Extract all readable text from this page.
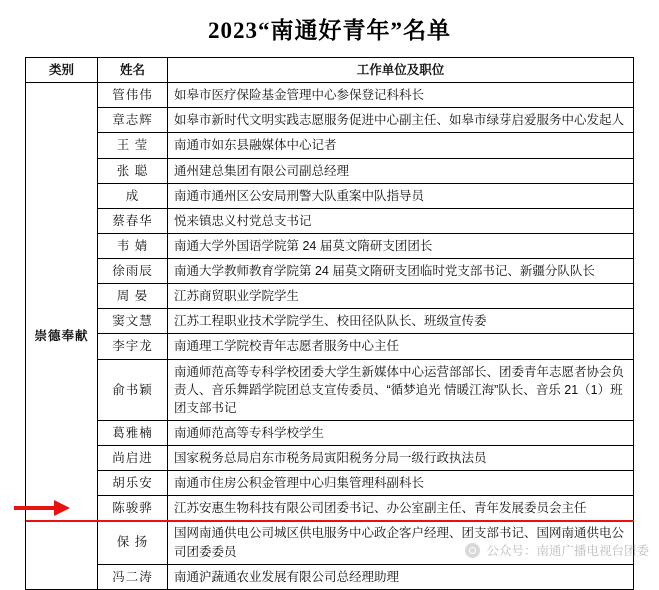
2023“南通好青年”名单
类别	姓名	工作单位及职位
崇德奉献	管伟伟	如皋市医疗保险基金管理中心参保登记科科长
	章志辉	如皋市新时代文明实践志愿服务促进中心副主任、如皋市绿芽启爱服务中心发起人
	王 莹	南通市如东县融媒体中心记者
	张 聪	通州建总集团有限公司副总经理
	成	南通市通州区公安局刑警大队重案中队指导员
	蔡春华	悦来镇忠义村党总支书记
	韦 婧	南通大学外国语学院第 24 届莫文隋研支团团长
	徐雨辰	南通大学教师教育学院第 24 届莫文隋研支团临时党支部书记、新疆分队队长
	周 晏	江苏商贸职业学院学生
	窦文慧	江苏工程职业技术学院学生、校田径队队长、班级宣传委
	李宇龙	南通理工学院校青年志愿者服务中心主任
	俞书颖	南通师范高等专科学校团委大学生新媒体中心运营部部长、团委青年志愿者协会负责人、音乐舞蹈学院团总支宣传委员、“循梦追光 情暖江海”队长、音乐 21（1）班团支部书记
	葛雅楠	南通师范高等专科学校学生
	尚启进	国家税务总局启东市税务局寅阳税务分局一级行政执法员
	胡乐安	南通市住房公积金管理中心归集管理科副科长
	陈骏骅	江苏安惠生物科技有限公司团委书记、办公室副主任、青年发展委员会主任
	保 扬	国网南通供电公司城区供电服务中心政企客户经理、团支部书记、国网南通供电公司团委委员
	冯二涛	南通沪蔬通农业发展有限公司总经理助理
公众号：南通广播电视台团委
